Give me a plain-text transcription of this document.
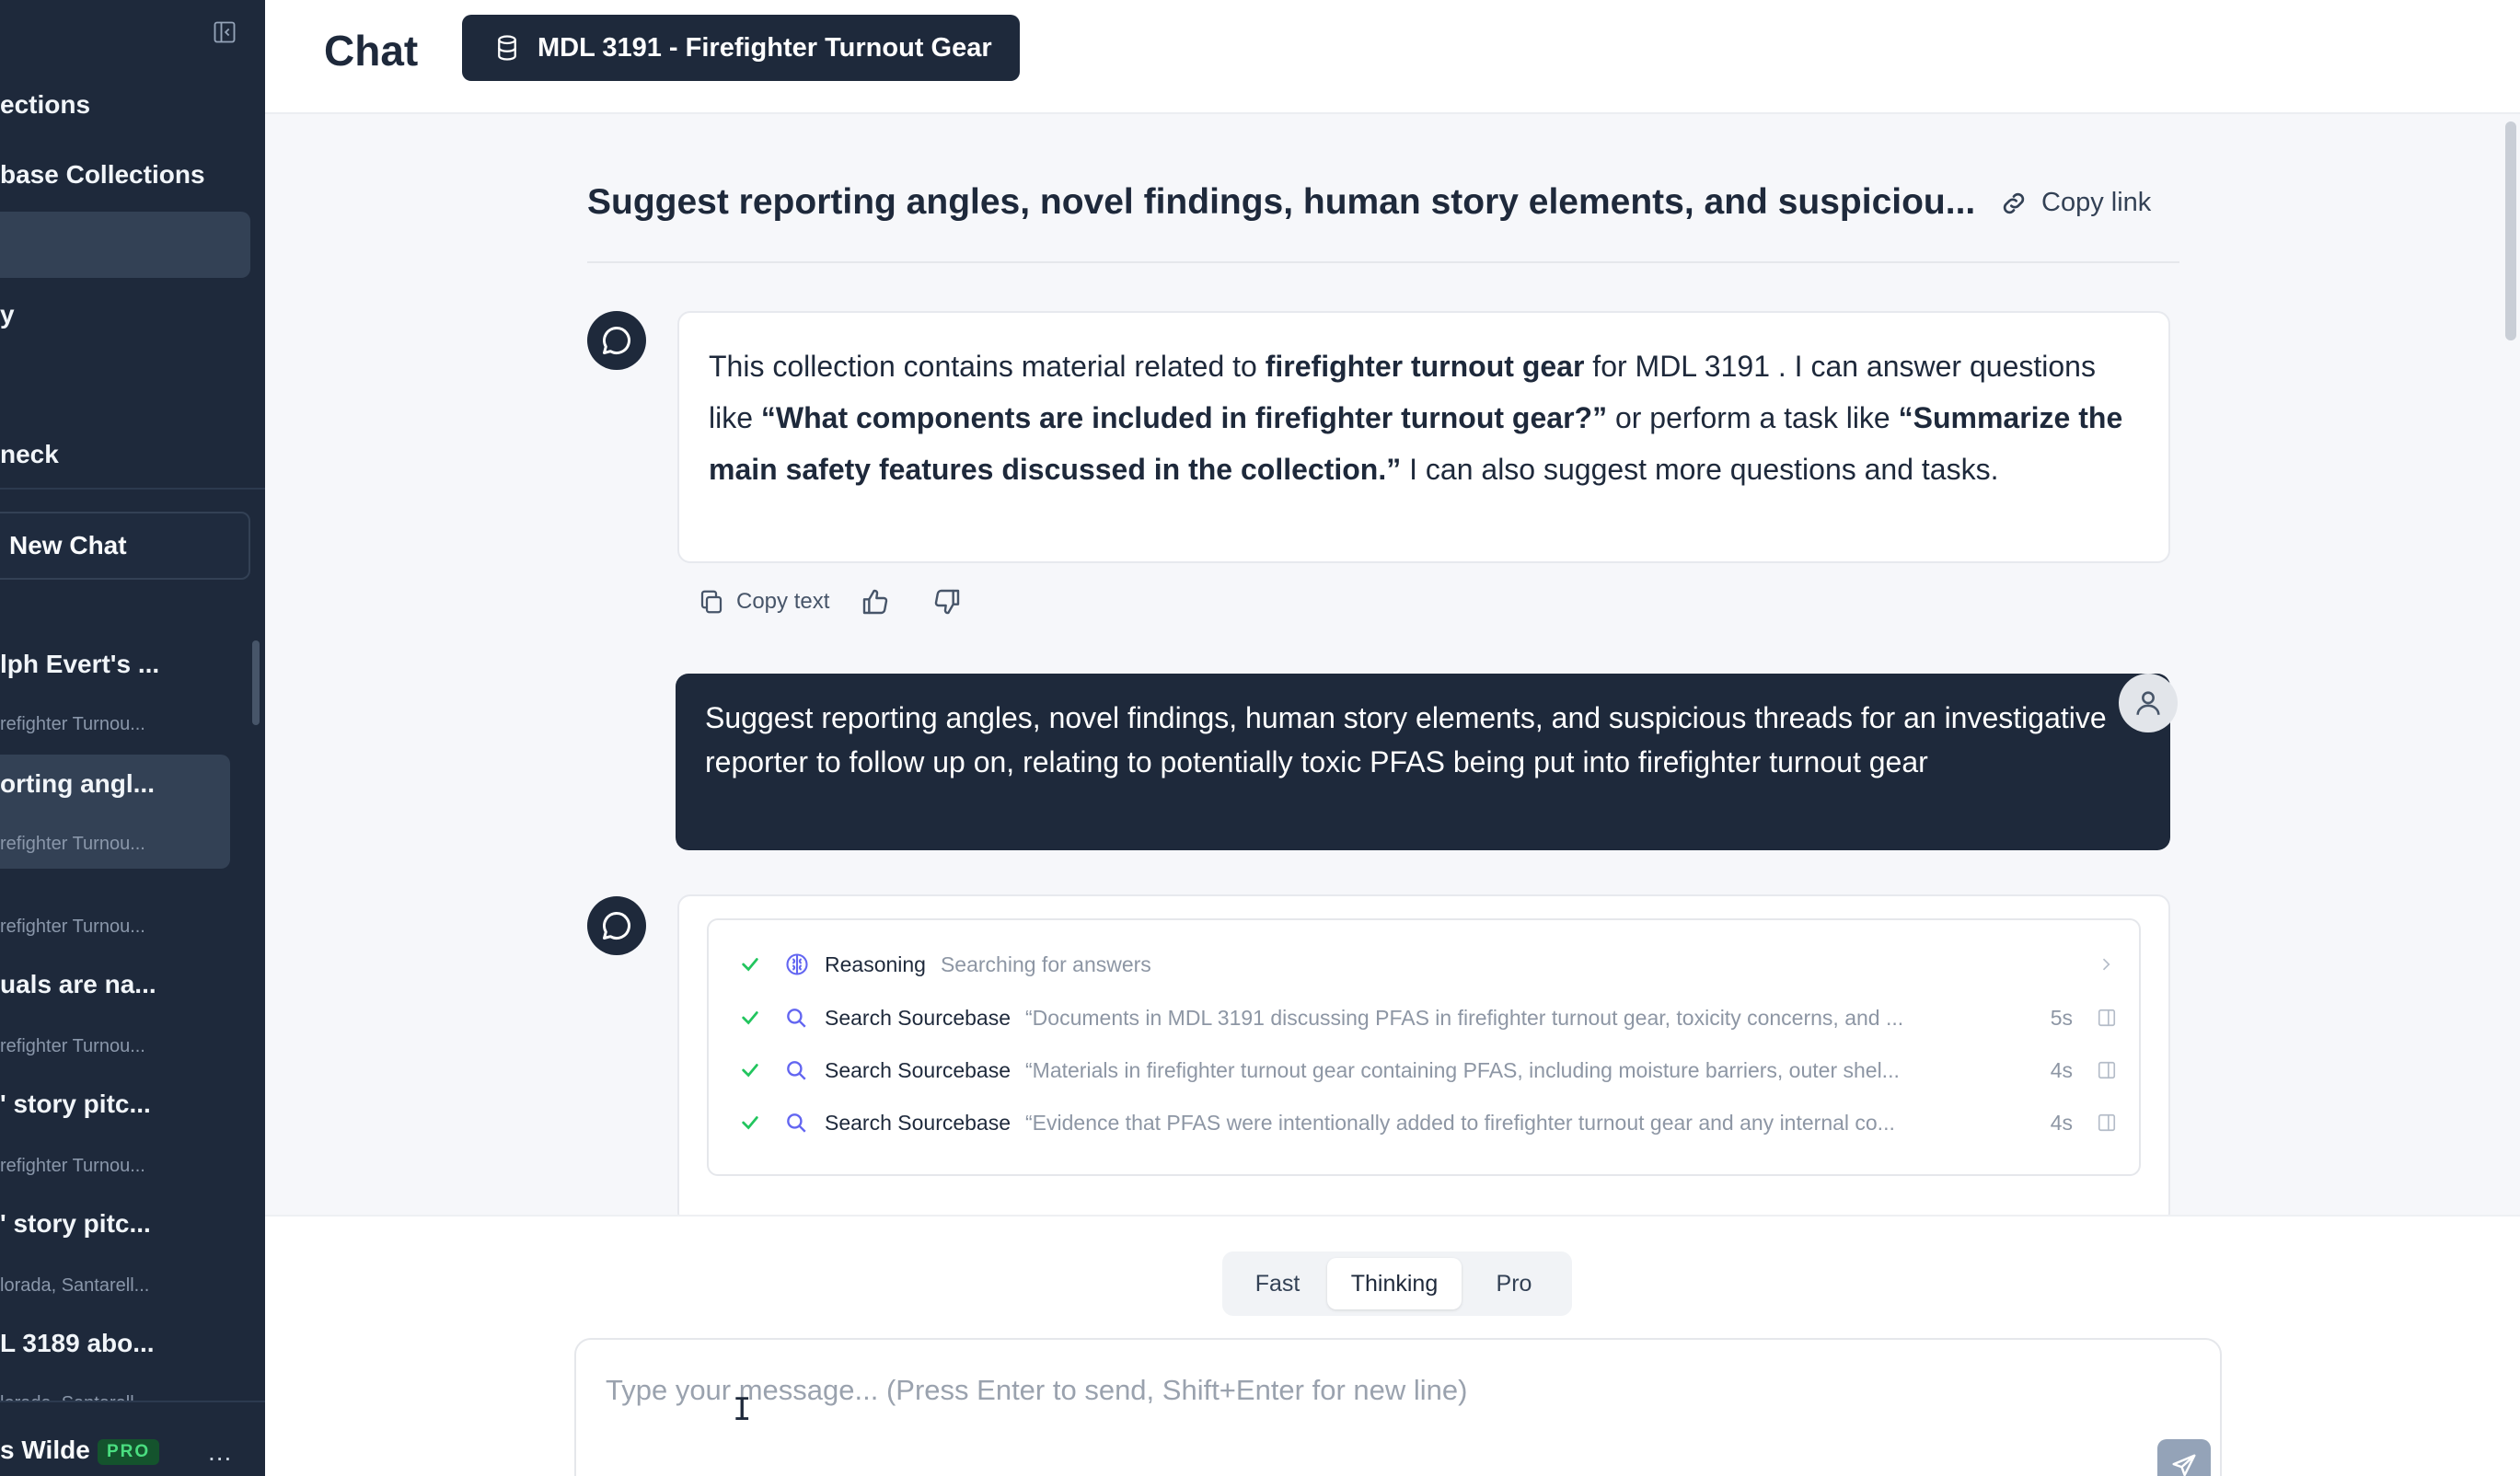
ections
base Collections
y
neck
New Chat
lph Evert's ...
refighter Turnou...
orting angl...
refighter Turnou...
refighter Turnou...
uals are na...
refighter Turnou...
' story pitc...
refighter Turnou...
' story pitc...
lorada, Santarell...
L 3189 abo...
s Wilde PRO	...
Chat	MDL 3191 - Firefighter Turnout Gear
Suggest reporting angles, novel findings, human story elements, and suspiciou...	Copy link
This collection contains material related to firefighter turnout gear for MDL 3191 . I can answer questions like “What components are included in firefighter turnout gear?” or perform a task like “Summarize the main safety features discussed in the collection.” I can also suggest more questions and tasks.
Copy text
Suggest reporting angles, novel findings, human story elements, and suspicious threads for an investigative reporter to follow up on, relating to potentially toxic PFAS being put into firefighter turnout gear
Reasoning Searching for answers
Search Sourcebase “Documents in MDL 3191 discussing PFAS in firefighter turnout gear, toxicity concerns, and ...	5s
Search Sourcebase “Materials in firefighter turnout gear containing PFAS, including moisture barriers, outer shel...	4s
Search Sourcebase “Evidence that PFAS were intentionally added to firefighter turnout gear and any internal co...	4s
Fast	Thinking	Pro
Type your message... (Press Enter to send, Shift+Enter for new line)
I
